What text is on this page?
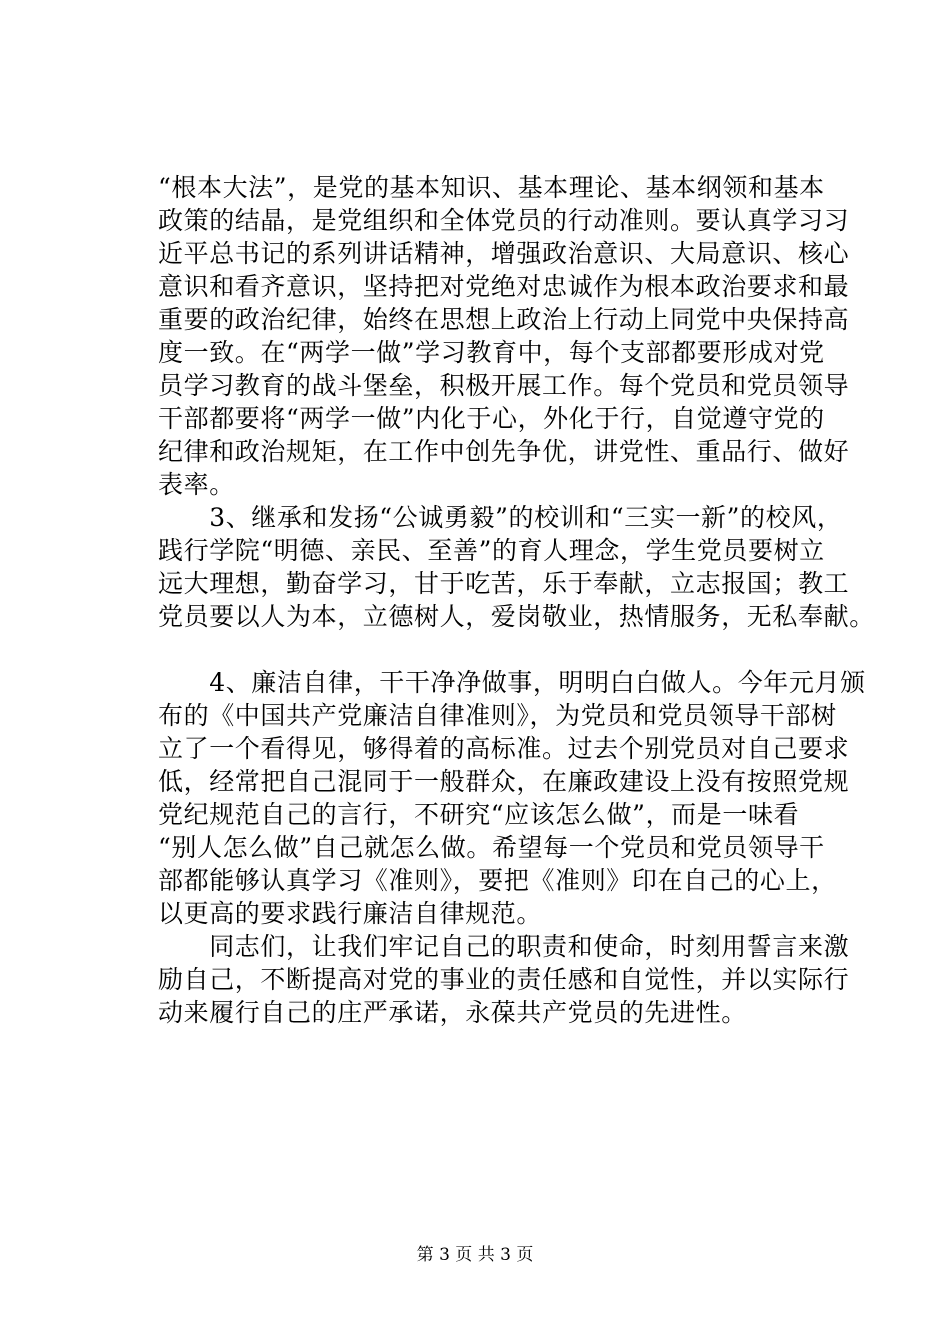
“根本大法”，是党的基本知识、基本理论、基本纲领和基本
政策的结晶，是党组织和全体党员的行动准则。要认真学习习
近平总书记的系列讲话精神，增强政治意识、大局意识、核心
意识和看齐意识，坚持把对党绝对忠诚作为根本政治要求和最
重要的政治纪律，始终在思想上政治上行动上同党中央保持高
度一致。在“两学一做”学习教育中，每个支部都要形成对党
员学习教育的战斗堡垒，积极开展工作。每个党员和党员领导
干部都要将“两学一做”内化于心，外化于行，自觉遵守党的
纪律和政治规矩，在工作中创先争优，讲党性、重品行、做好
表率。
　　3、继承和发扬“公诚勇毅”的校训和“三实一新”的校风，
践行学院“明德、亲民、至善”的育人理念，学生党员要树立
远大理想，勤奋学习，甘于吃苦，乐于奉献，立志报国；教工
党员要以人为本，立德树人，爱岗敬业，热情服务，无私奉献。
　　4、廉洁自律，干干净净做事，明明白白做人。今年元月颁
布的《中国共产党廉洁自律准则》，为党员和党员领导干部树
立了一个看得见，够得着的高标准。过去个别党员对自己要求
低，经常把自己混同于一般群众，在廉政建设上没有按照党规
党纪规范自己的言行，不研究“应该怎么做”，而是一味看
“别人怎么做”自己就怎么做。希望每一个党员和党员领导干
部都能够认真学习《准则》，要把《准则》印在自己的心上，
以更高的要求践行廉洁自律规范。
　　同志们，让我们牢记自己的职责和使命，时刻用誓言来激
励自己，不断提高对党的事业的责任感和自觉性，并以实际行
动来履行自己的庄严承诺，永葆共产党员的先进性。
第 3 页 共 3 页
